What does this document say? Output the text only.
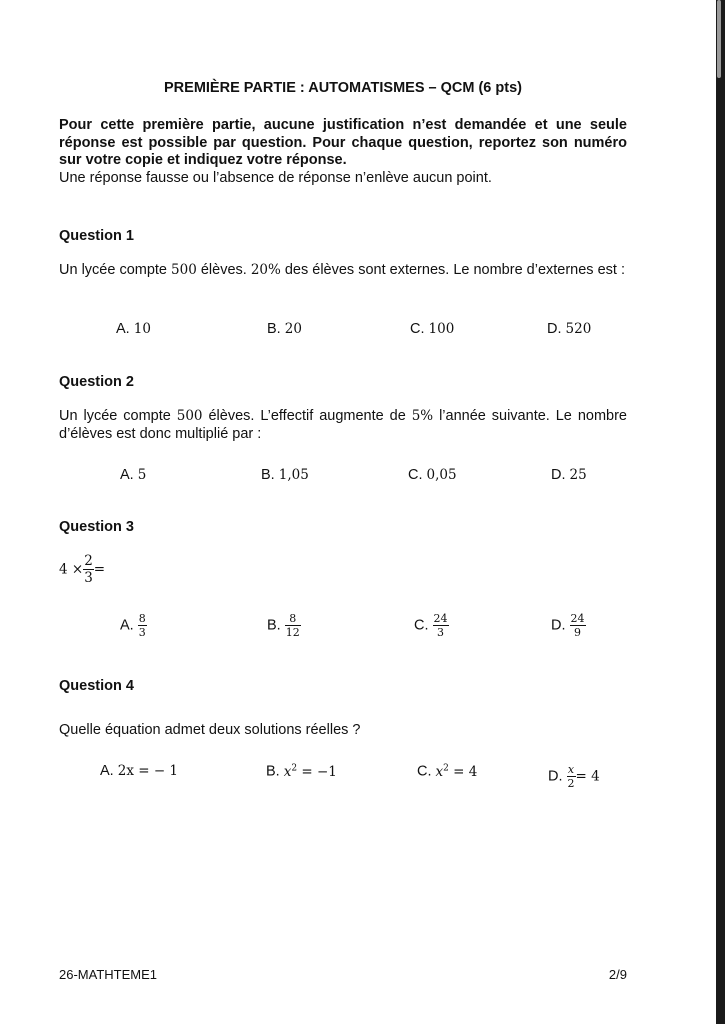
PREMIÈRE PARTIE : AUTOMATISMES – QCM (6 pts)
Pour cette première partie, aucune justification n’est demandée et une seule réponse est possible par question. Pour chaque question, reportez son numéro sur votre copie et indiquez votre réponse.
Une réponse fausse ou l’absence de réponse n’enlève aucun point.
Question 1
Un lycée compte 500 élèves. 20% des élèves sont externes. Le nombre d’externes est :
A. 10	B. 20	C. 100	D. 520
Question 2
Un lycée compte 500 élèves. L’effectif augmente de 5% l’année suivante. Le nombre d’élèves est donc multiplié par :
A. 5	B. 1,05	C. 0,05	D. 25
Question 3
$4 \times \frac{2}{3}$ =
A. $\frac{8}{3}$	B. $\frac{8}{12}$	C. $\frac{24}{3}$	D. $\frac{24}{9}$
Question 4
Quelle équation admet deux solutions réelles ?
A. 2x = − 1	B. $x^2 = -1$	C. $x^2 = 4$	D. $\frac{x}{2} = 4$
26-MATHTEME1	2/9
